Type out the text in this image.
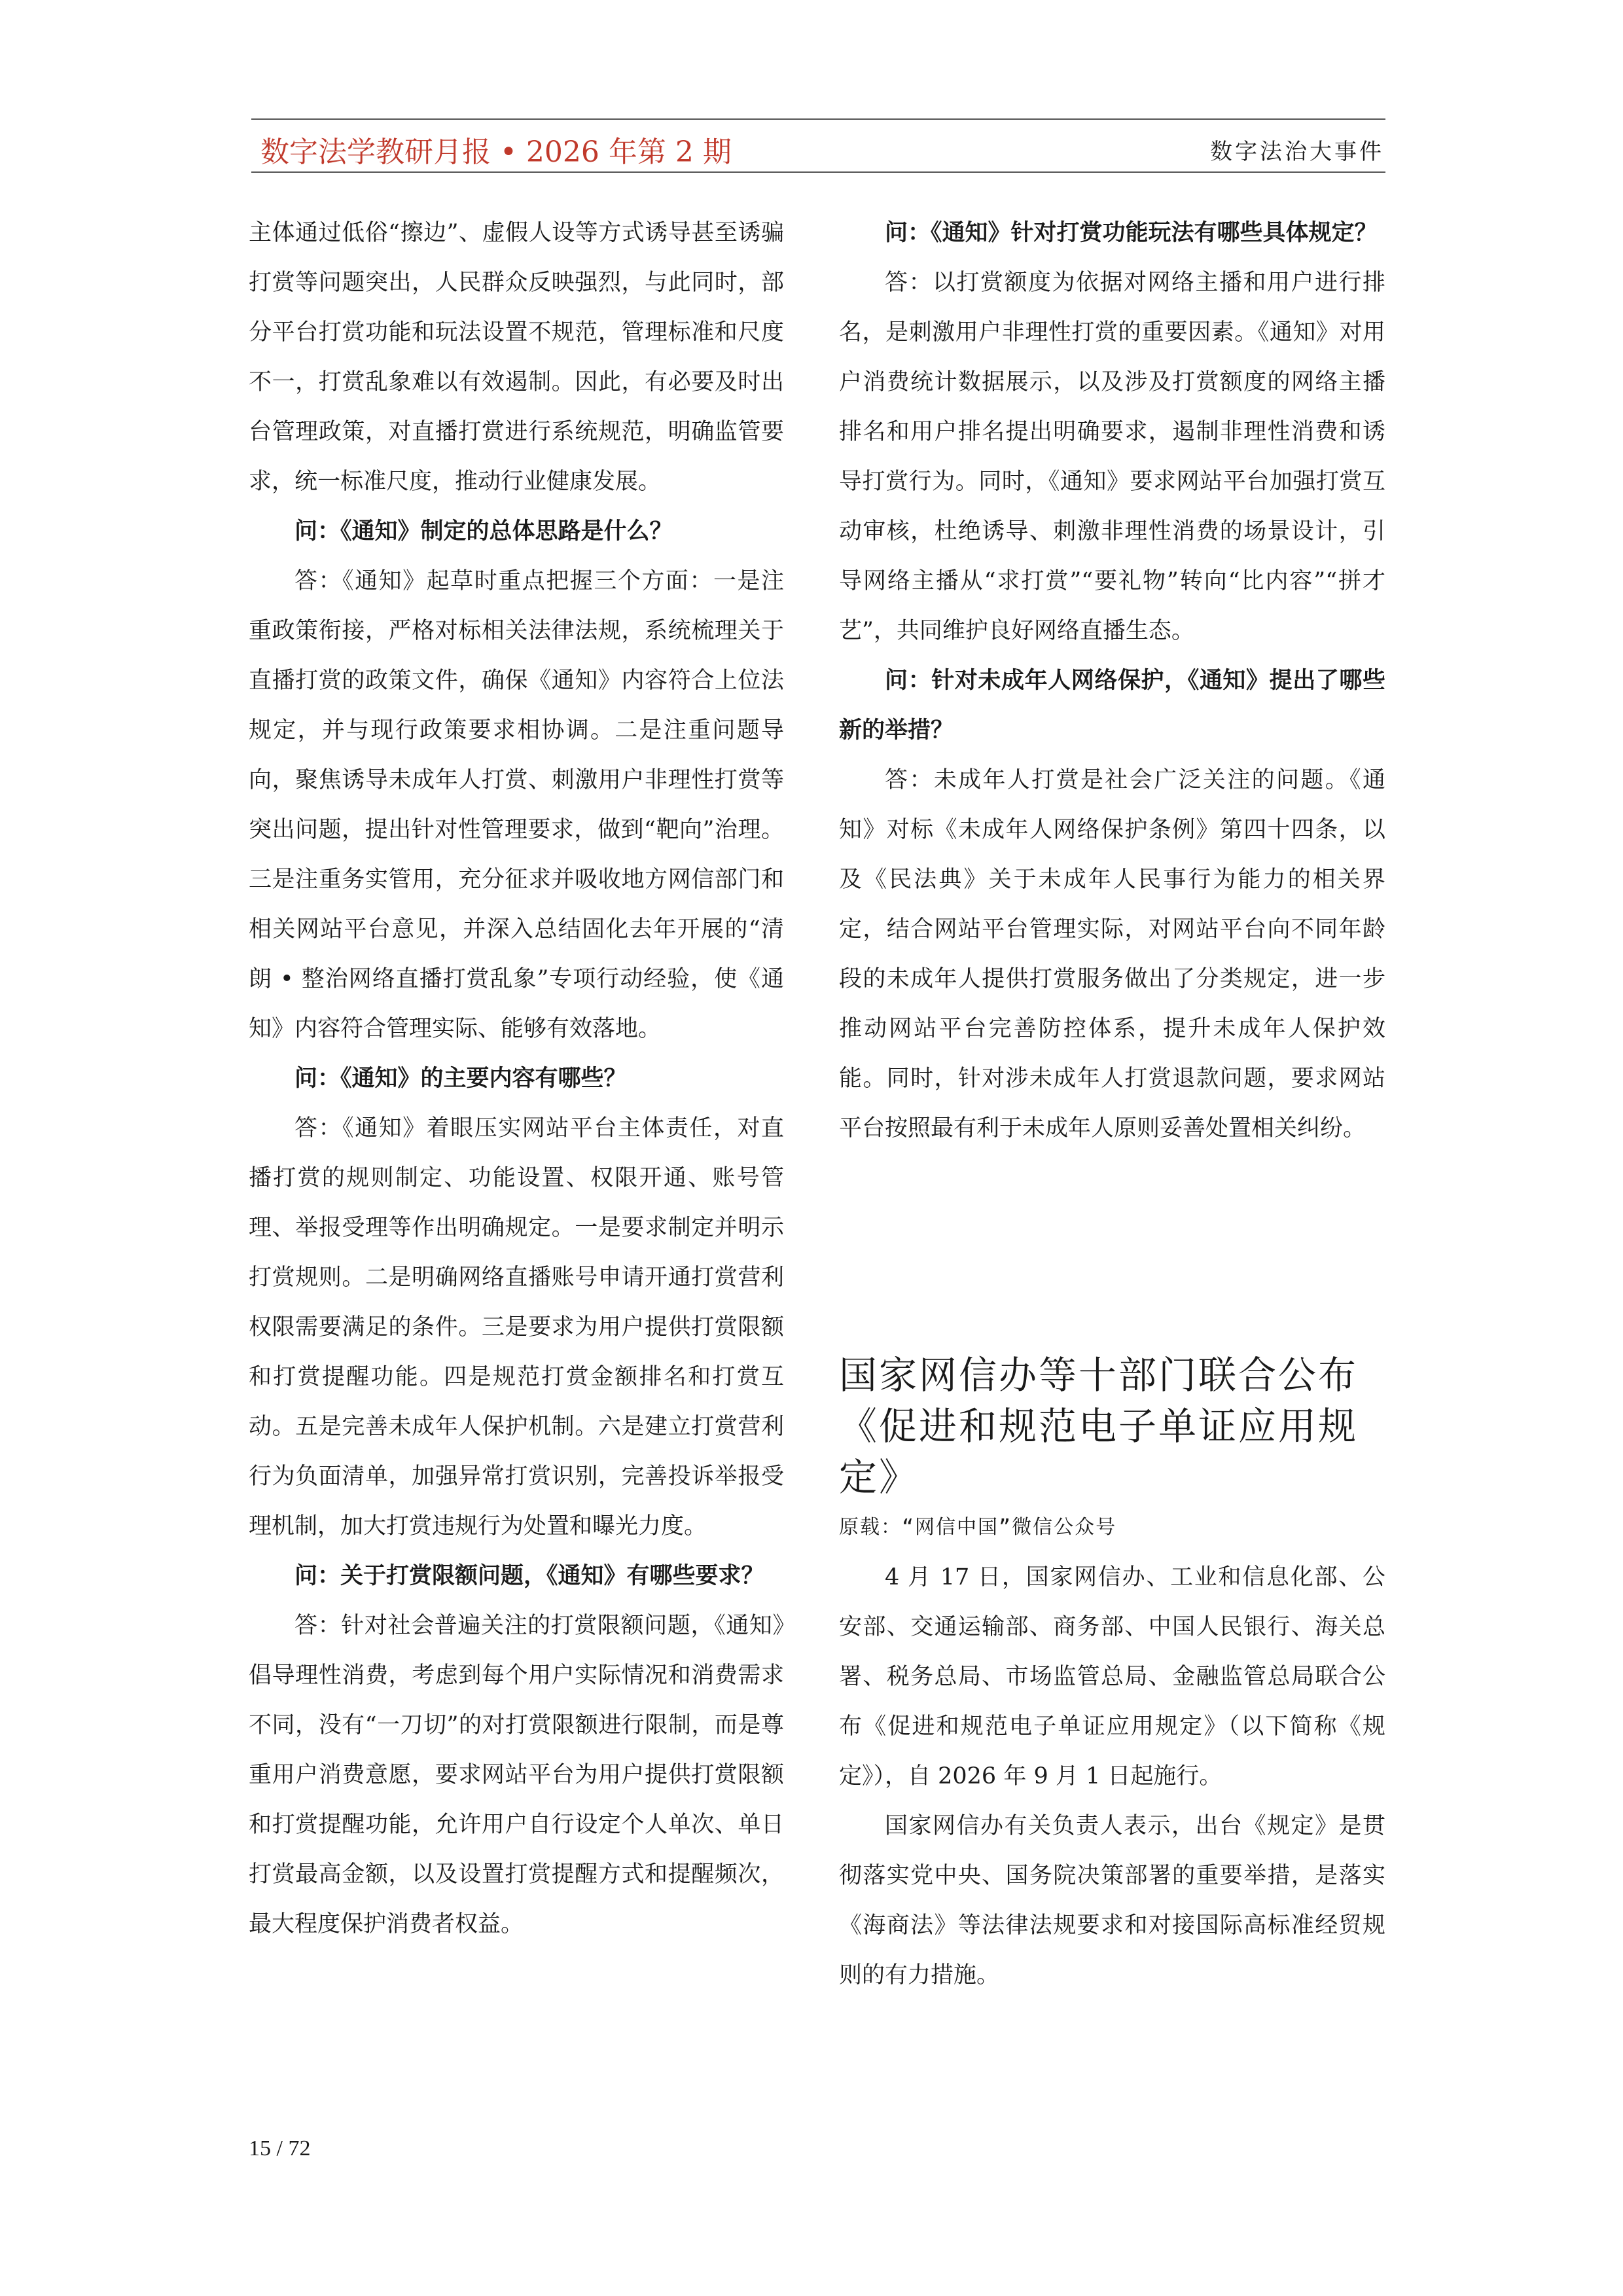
数字法学教研月报 • 2026 年第 2 期	数字法治大事件

主体通过低俗“擦边”、虚假人设等方式诱导甚至诱骗打赏等问题突出，人民群众反映强烈，与此同时，部分平台打赏功能和玩法设置不规范，管理标准和尺度不一，打赏乱象难以有效遏制。因此，有必要及时出台管理政策，对直播打赏进行系统规范，明确监管要求，统一标准尺度，推动行业健康发展。

问：《通知》制定的总体思路是什么？

答：《通知》起草时重点把握三个方面：一是注重政策衔接，严格对标相关法律法规，系统梳理关于直播打赏的政策文件，确保《通知》内容符合上位法规定，并与现行政策要求相协调。二是注重问题导向，聚焦诱导未成年人打赏、刺激用户非理性打赏等突出问题，提出针对性管理要求，做到“靶向”治理。三是注重务实管用，充分征求并吸收地方网信部门和相关网站平台意见，并深入总结固化去年开展的“清朗 • 整治网络直播打赏乱象”专项行动经验，使《通知》内容符合管理实际、能够有效落地。

问：《通知》的主要内容有哪些？

答：《通知》着眼压实网站平台主体责任，对直播打赏的规则制定、功能设置、权限开通、账号管理、举报受理等作出明确规定。一是要求制定并明示打赏规则。二是明确网络直播账号申请开通打赏营利权限需要满足的条件。三是要求为用户提供打赏限额和打赏提醒功能。四是规范打赏金额排名和打赏互动。五是完善未成年人保护机制。六是建立打赏营利行为负面清单，加强异常打赏识别，完善投诉举报受理机制，加大打赏违规行为处置和曝光力度。

问：关于打赏限额问题，《通知》有哪些要求？

答：针对社会普遍关注的打赏限额问题，《通知》倡导理性消费，考虑到每个用户实际情况和消费需求不同，没有“一刀切”的对打赏限额进行限制，而是尊重用户消费意愿，要求网站平台为用户提供打赏限额和打赏提醒功能，允许用户自行设定个人单次、单日打赏最高金额，以及设置打赏提醒方式和提醒频次，最大程度保护消费者权益。

问：《通知》针对打赏功能玩法有哪些具体规定？

答：以打赏额度为依据对网络主播和用户进行排名，是刺激用户非理性打赏的重要因素。《通知》对用户消费统计数据展示，以及涉及打赏额度的网络主播排名和用户排名提出明确要求，遏制非理性消费和诱导打赏行为。同时，《通知》要求网站平台加强打赏互动审核，杜绝诱导、刺激非理性消费的场景设计，引导网络主播从“求打赏”“要礼物”转向“比内容”“拼才艺”，共同维护良好网络直播生态。

问：针对未成年人网络保护，《通知》提出了哪些新的举措？

答：未成年人打赏是社会广泛关注的问题。《通知》对标《未成年人网络保护条例》第四十四条，以及《民法典》关于未成年人民事行为能力的相关界定，结合网站平台管理实际，对网站平台向不同年龄段的未成年人提供打赏服务做出了分类规定，进一步推动网站平台完善防控体系，提升未成年人保护效能。同时，针对涉未成年人打赏退款问题，要求网站平台按照最有利于未成年人原则妥善处置相关纠纷。

国家网信办等十部门联合公布
《促进和规范电子单证应用规定》

原载：“网信中国”微信公众号

4 月 17 日，国家网信办、工业和信息化部、公安部、交通运输部、商务部、中国人民银行、海关总署、税务总局、市场监管总局、金融监管总局联合公布《促进和规范电子单证应用规定》（以下简称《规定》），自 2026 年 9 月 1 日起施行。

国家网信办有关负责人表示，出台《规定》是贯彻落实党中央、国务院决策部署的重要举措，是落实《海商法》等法律法规要求和对接国际高标准经贸规则的有力措施。

15 / 72
